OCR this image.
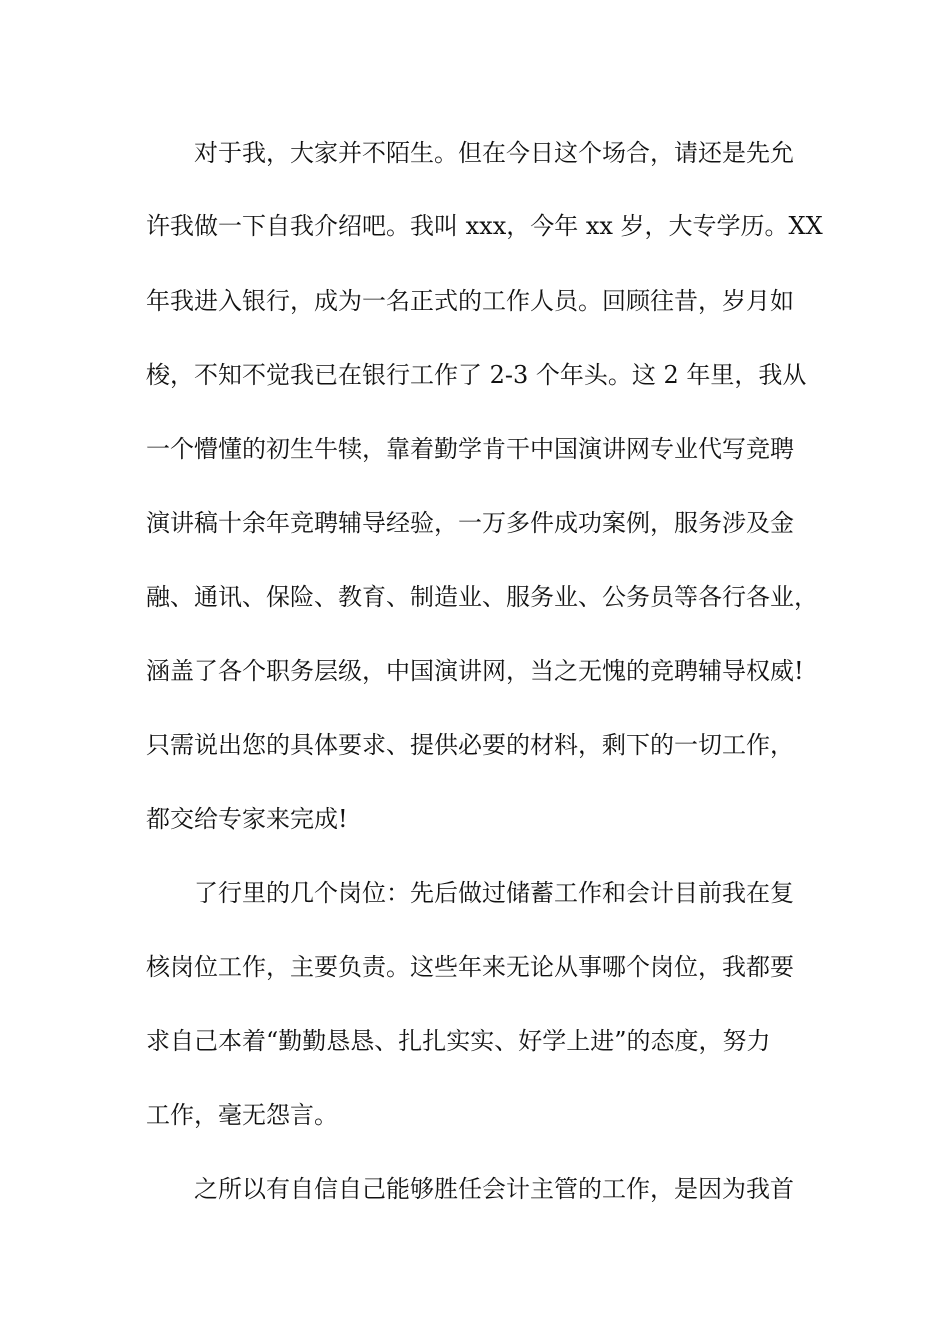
对于我，大家并不陌生。但在今日这个场合，请还是先允
许我做一下自我介绍吧。我叫 xxx，今年 xx 岁，大专学历。XX
年我进入银行，成为一名正式的工作人员。回顾往昔，岁月如
梭，不知不觉我已在银行工作了 2-3 个年头。这 2 年里，我从
一个懵懂的初生牛犊，靠着勤学肯干中国演讲网专业代写竞聘
演讲稿十余年竞聘辅导经验，一万多件成功案例，服务涉及金
融、通讯、保险、教育、制造业、服务业、公务员等各行各业，
涵盖了各个职务层级，中国演讲网，当之无愧的竞聘辅导权威!
只需说出您的具体要求、提供必要的材料，剩下的一切工作，
都交给专家来完成!
了行里的几个岗位：先后做过储蓄工作和会计目前我在复
核岗位工作，主要负责。这些年来无论从事哪个岗位，我都要
求自己本着“勤勤恳恳、扎扎实实、好学上进”的态度，努力
工作，毫无怨言。
之所以有自信自己能够胜任会计主管的工作，是因为我首
